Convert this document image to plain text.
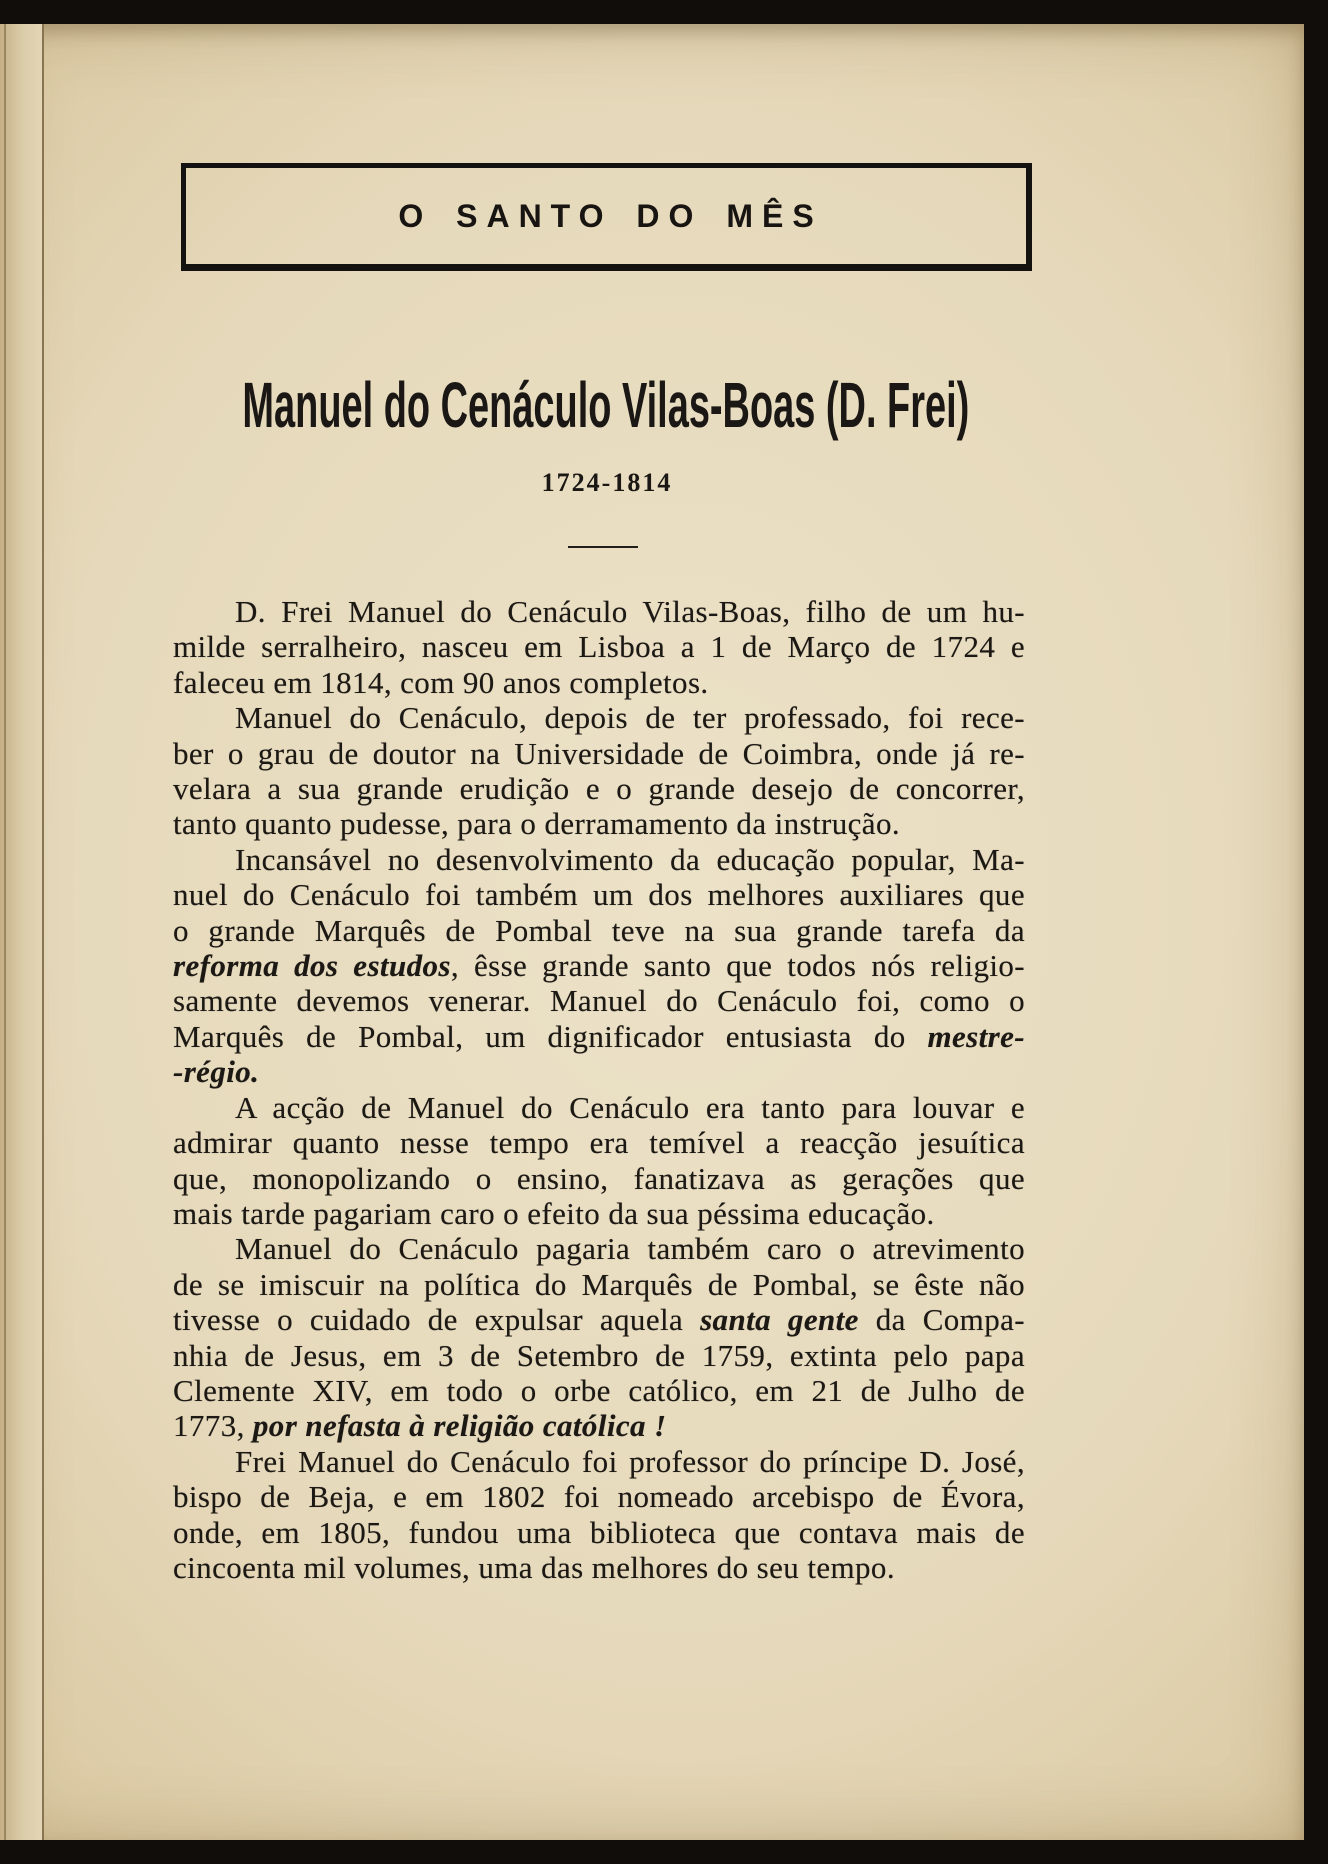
O SANTO DO MÊS
Manuel do Cenáculo Vilas-Boas (D. Frei)
1724-1814
D. Frei Manuel do Cenáculo Vilas-Boas, filho de um hu-
milde serralheiro, nasceu em Lisboa a 1 de Março de 1724 e
faleceu em 1814, com 90 anos completos.
Manuel do Cenáculo, depois de ter professado, foi rece-
ber o grau de doutor na Universidade de Coimbra, onde já re-
velara a sua grande erudição e o grande desejo de concorrer,
tanto quanto pudesse, para o derramamento da instrução.
Incansável no desenvolvimento da educação popular, Ma-
nuel do Cenáculo foi também um dos melhores auxiliares que
o grande Marquês de Pombal teve na sua grande tarefa da
reforma dos estudos, êsse grande santo que todos nós religio-
samente devemos venerar. Manuel do Cenáculo foi, como o
Marquês de Pombal, um dignificador entusiasta do mestre-
-régio.
A acção de Manuel do Cenáculo era tanto para louvar e
admirar quanto nesse tempo era temível a reacção jesuítica
que, monopolizando o ensino, fanatizava as gerações que
mais tarde pagariam caro o efeito da sua péssima educação.
Manuel do Cenáculo pagaria também caro o atrevimento
de se imiscuir na política do Marquês de Pombal, se êste não
tivesse o cuidado de expulsar aquela santa gente da Compa-
nhia de Jesus, em 3 de Setembro de 1759, extinta pelo papa
Clemente XIV, em todo o orbe católico, em 21 de Julho de
1773, por nefasta à religião católica !
Frei Manuel do Cenáculo foi professor do príncipe D. José,
bispo de Beja, e em 1802 foi nomeado arcebispo de Évora,
onde, em 1805, fundou uma biblioteca que contava mais de
cincoenta mil volumes, uma das melhores do seu tempo.
